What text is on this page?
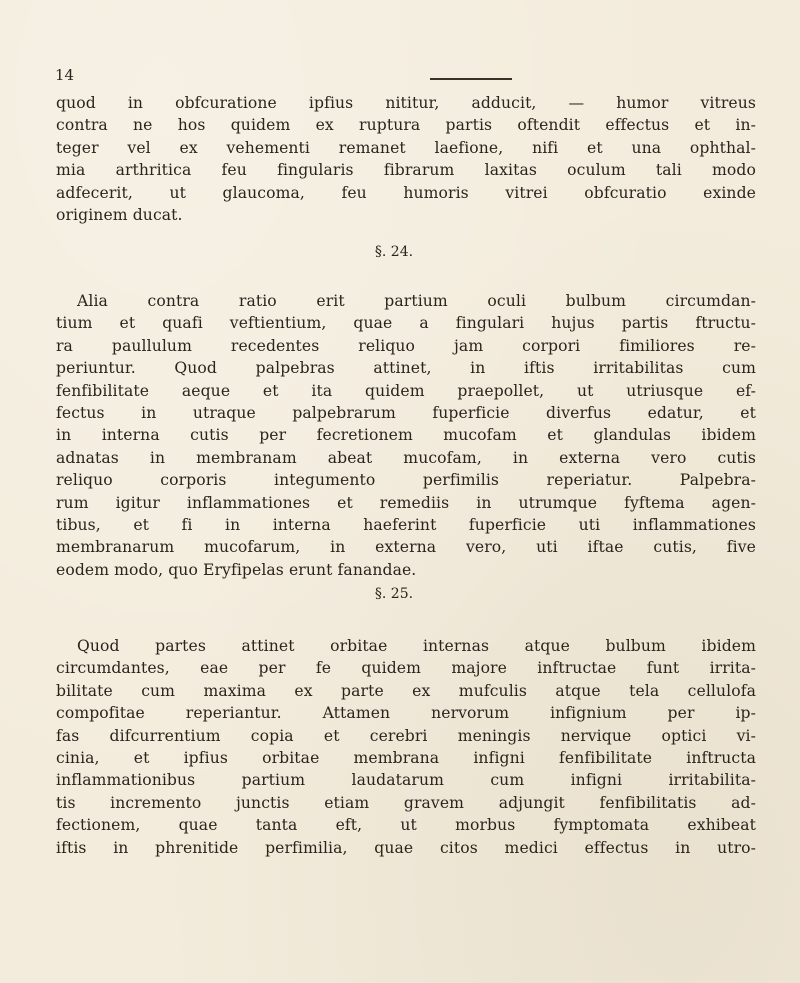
14
quod in obfcuratione ipfius nititur, adducit, — humor vitreus
contra ne hos quidem ex ruptura partis oftendit effectus et in-
teger vel ex vehementi remanet laefione, nifi et una ophthal-
mia arthritica feu fingularis fibrarum laxitas oculum tali modo
adfecerit, ut glaucoma, feu humoris vitrei obfcuratio exinde
originem ducat.
§. 24.
Alia contra ratio erit partium oculi bulbum circumdan-
tium et quafi veftientium, quae a fingulari hujus partis ftructu-
ra paullulum recedentes reliquo jam corpori fimiliores re-
periuntur. Quod palpebras attinet, in iftis irritabilitas cum
fenfibilitate aeque et ita quidem praepollet, ut utriusque ef-
fectus in utraque palpebrarum fuperficie diverfus edatur, et
in interna cutis per fecretionem mucofam et glandulas ibidem
adnatas in membranam abeat mucofam, in externa vero cutis
reliquo corporis integumento perfimilis reperiatur. Palpebra-
rum igitur inflammationes et remediis in utrumque fyftema agen-
tibus, et fi in interna haeferint fuperficie uti inflammationes
membranarum mucofarum, in externa vero, uti iftae cutis, five
eodem modo, quo Eryfipelas erunt fanandae.
§. 25.
Quod partes attinet orbitae internas atque bulbum ibidem
circumdantes, eae per fe quidem majore inftructae funt irrita-
bilitate cum maxima ex parte ex mufculis atque tela cellulofa
compofitae reperiantur. Attamen nervorum infignium per ip-
fas difcurrentium copia et cerebri meningis nervique optici vi-
cinia, et ipfius orbitae membrana infigni fenfibilitate inftructa
inflammationibus partium laudatarum cum infigni irritabilita-
tis incremento junctis etiam gravem adjungit fenfibilitatis ad-
fectionem, quae tanta eft, ut morbus fymptomata exhibeat
iftis in phrenitide perfimilia, quae citos medici effectus in utro-
